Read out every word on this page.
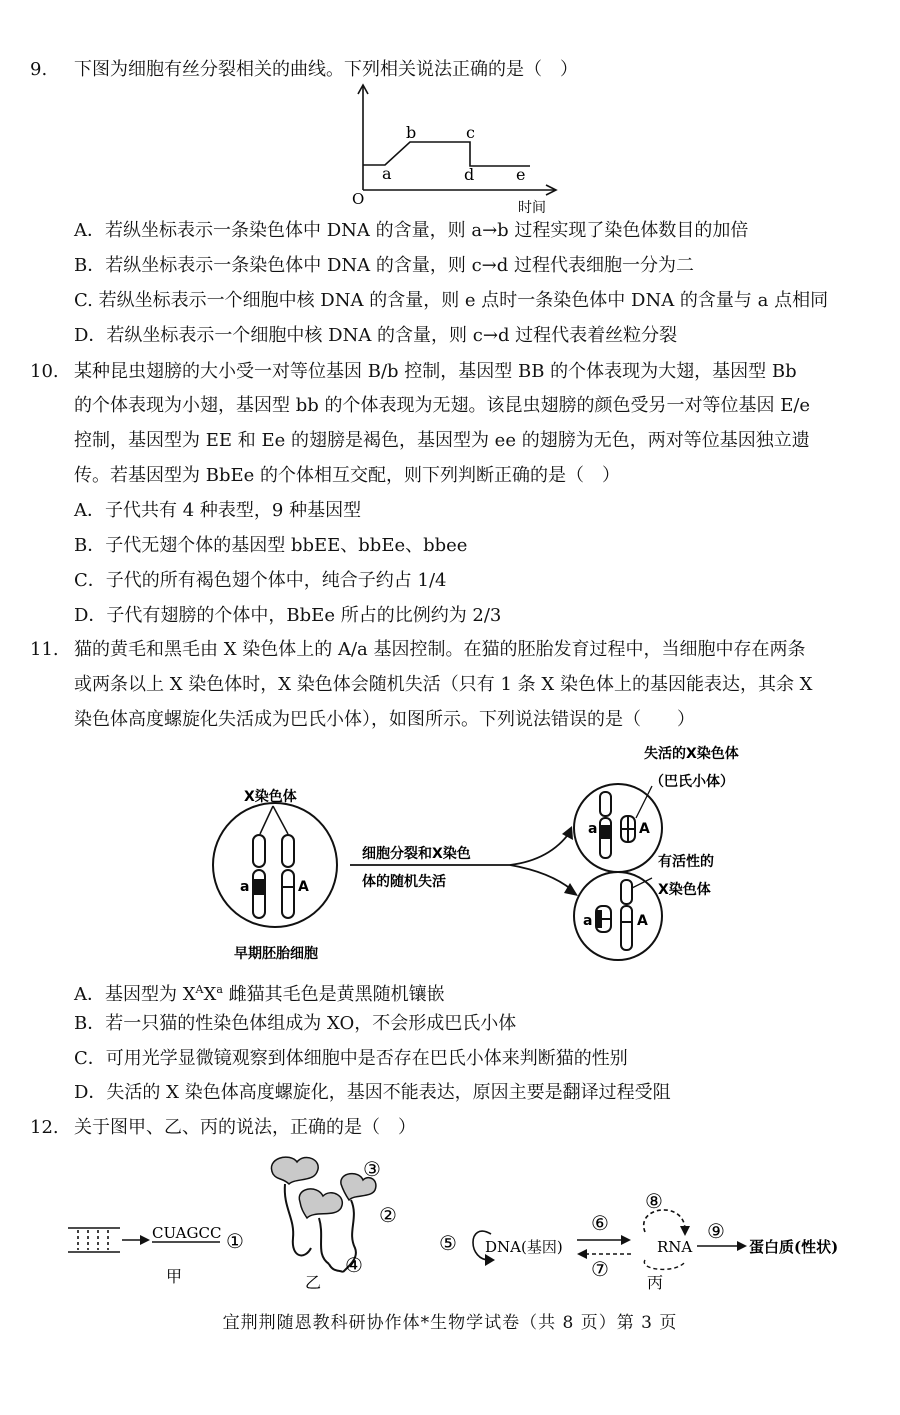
9. 下图为细胞有丝分裂相关的曲线。下列相关说法正确的是（　）
O
a
b	c
d	e
时间
A．若纵坐标表示一条染色体中 DNA 的含量，则 a→b 过程实现了染色体数目的加倍
B．若纵坐标表示一条染色体中 DNA 的含量，则 c→d 过程代表细胞一分为二
C. 若纵坐标表示一个细胞中核 DNA 的含量，则 e 点时一条染色体中 DNA 的含量与 a 点相同
D．若纵坐标表示一个细胞中核 DNA 的含量，则 c→d 过程代表着丝粒分裂
10. 某种昆虫翅膀的大小受一对等位基因 B/b 控制，基因型 BB 的个体表现为大翅，基因型 Bb
的个体表现为小翅，基因型 bb 的个体表现为无翅。该昆虫翅膀的颜色受另一对等位基因 E/e
控制，基因型为 EE 和 Ee 的翅膀是褐色，基因型为 ee 的翅膀为无色，两对等位基因独立遗
传。若基因型为 BbEe 的个体相互交配，则下列判断正确的是（　）
A．子代共有 4 种表型，9 种基因型
B．子代无翅个体的基因型 bbEE、bbEe、bbee
C．子代的所有褐色翅个体中，纯合子约占 1/4
D．子代有翅膀的个体中，BbEe 所占的比例约为 2/3
11. 猫的黄毛和黑毛由 X 染色体上的 A/a 基因控制。在猫的胚胎发育过程中，当细胞中存在两条
或两条以上 X 染色体时，X 染色体会随机失活（只有 1 条 X 染色体上的基因能表达，其余 X
染色体高度螺旋化失活成为巴氏小体），如图所示。下列说法错误的是（　　）
X染色体
a	A
早期胚胎细胞
细胞分裂和X染色
体的随机失活
a	A
失活的X染色体
（巴氏小体）
a	A
有活性的
X染色体
A．基因型为 $X^AX^a$ 雌猫其毛色是黄黑随机镶嵌
B．若一只猫的性染色体组成为 XO，不会形成巴氏小体
C．可用光学显微镜观察到体细胞中是否存在巴氏小体来判断猫的性别
D．失活的 X 染色体高度螺旋化，基因不能表达，原因主要是翻译过程受阻
12. 关于图甲、乙、丙的说法，正确的是（　）
CUAGCC ①
甲
③
②
④
乙
⑤ DNA(基因)
⑥
⑦
⑧
RNA
⑨
蛋白质(性状)
丙
宜荆荆随恩教科研协作体*生物学试卷（共 8 页）第 3 页
